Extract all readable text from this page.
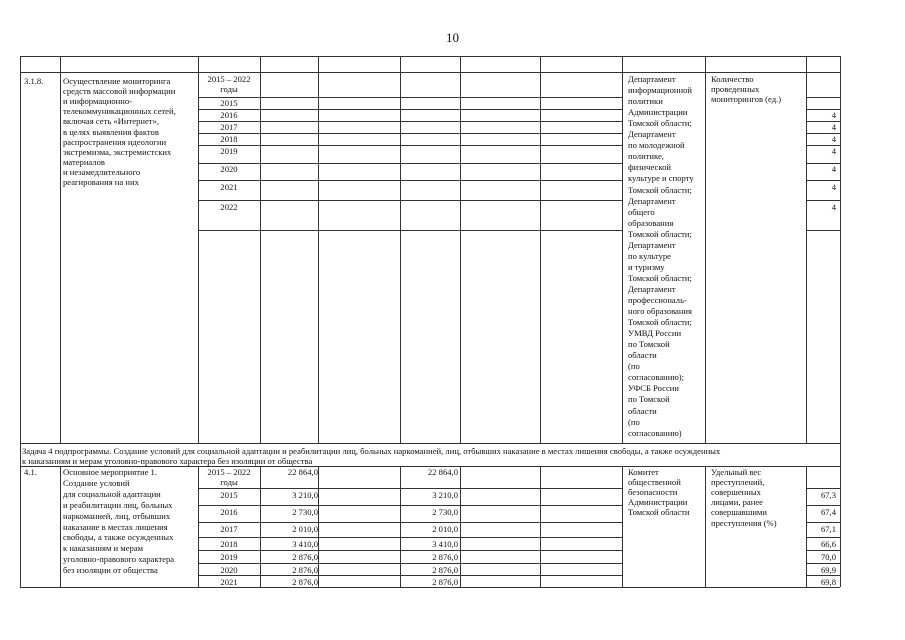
10
3.1.8.	Осуществление мониторинга
средств массовой информации
и информационно-
телекоммуникационных сетей,
включая сеть «Интернет»,
в целях выявления фактов
распространения идеологии
экстремизма, экстремистских
материалов
и незамедлительного
реагирования на них
2015 – 2022
годы
2015
2016
2017
2018
2019
2020
2021
2022
Департамент
информационной
политики
Администрации
Томской области;
Департамент
по молодежной
политике,
физической
культуре и спорту
Томской области;
Департамент
общего
образования
Томской области;
Департамент
по культуре
и туризму
Томской области;
Департамент
профессиональ-
ного образования
Томской области;
УМВД России
по Томской
области
(по
согласованию);
УФСБ России
по Томской
области
(по
согласованию)
Количество
проведенных
мониторингов (ед.)
4
4
4
4
4
4
4
Задача 4 подпрограммы. Создание условий для социальной адаптации и реабилитации лиц, больных наркоманией, лиц, отбывших наказание в местах лишения свободы, а также осужденных
к наказаниям и мерам уголовно-правового характера без изоляции от общества
4.1.	Основное мероприятие 1.
Создание условий
для социальной адаптации
и реабилитации лиц, больных
наркоманией, лиц, отбывших
наказание в местах лишения
свободы, а также осужденных
к наказаниям и мерам
уголовно-правового характера
без изоляции от общества
2015 – 2022
годы
2015
2016
2017
2018
2019
2020
2021
22 864,0
3 210,0
2 730,0
2 010,0
3 410,0
2 876,0
2 876,0
2 876,0
22 864,0
3 210,0
2 730,0
2 010,0
3 410,0
2 876,0
2 876,0
2 876,0
Комитет
общественной
безопасности
Администрации
Томской области
Удельный вес
преступлений,
совершенных
лицами, ранее
совершавшими
преступления (%)
67,3
67,4
67,1
66,6
70,0
69,9
69,8
